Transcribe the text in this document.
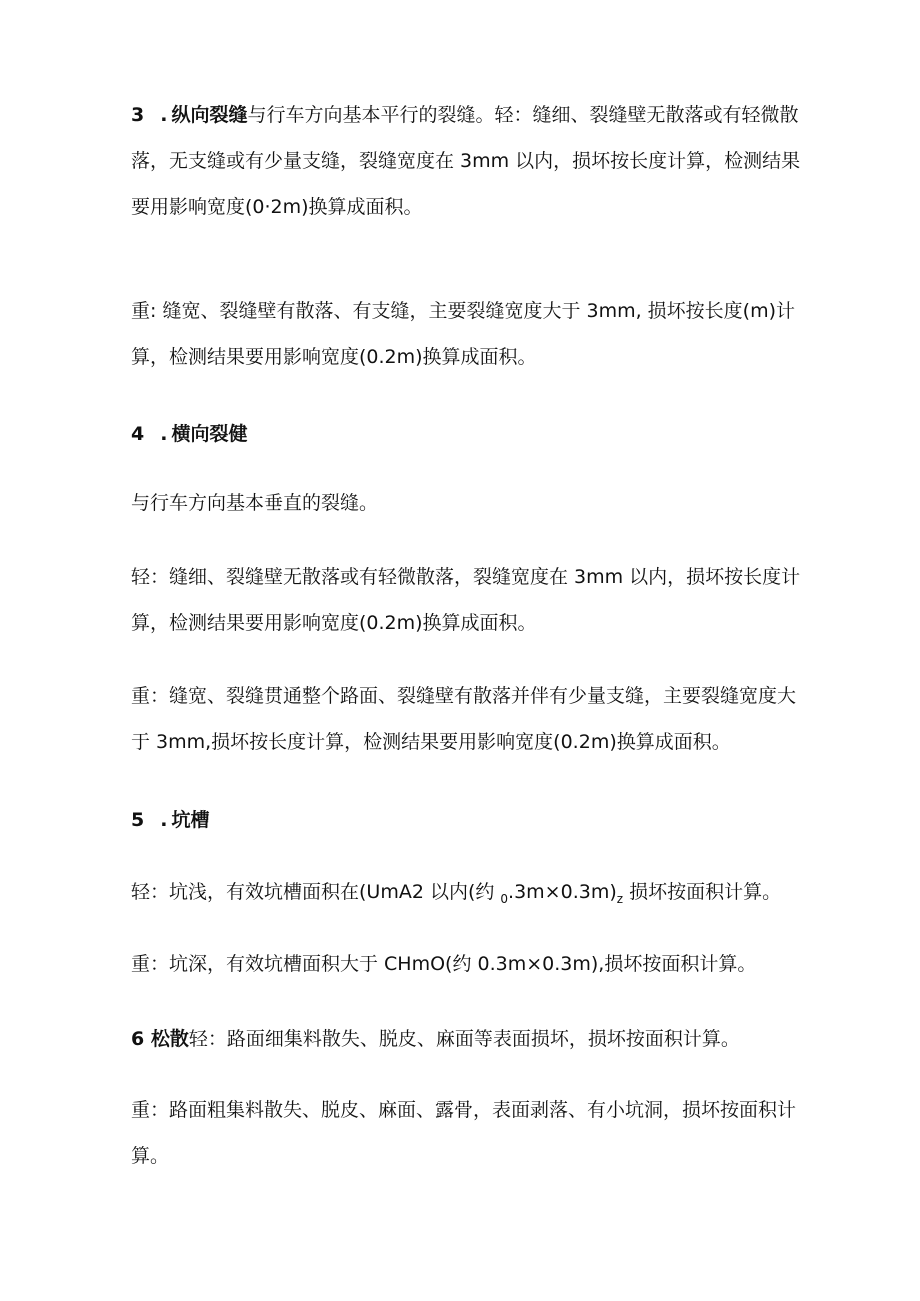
3 . 纵向裂缝与行车方向基本平行的裂缝。轻：缝细、裂缝壁无散落或有轻微散落，无支缝或有少量支缝，裂缝宽度在 3mm 以内，损坏按长度计算，检测结果要用影响宽度(0·2m)换算成面积。

重: 缝宽、裂缝壁有散落、有支缝，主要裂缝宽度大于 3mm, 损坏按长度(m)计算，检测结果要用影响宽度(0.2m)换算成面积。

4 . 横向裂健

与行车方向基本垂直的裂缝。

轻：缝细、裂缝壁无散落或有轻微散落，裂缝宽度在 3mm 以内，损坏按长度计算，检测结果要用影响宽度(0.2m)换算成面积。

重：缝宽、裂缝贯通整个路面、裂缝壁有散落并伴有少量支缝，主要裂缝宽度大于 3mm,损坏按长度计算，检测结果要用影响宽度(0.2m)换算成面积。

5 . 坑槽

轻：坑浅，有效坑槽面积在(UmA2 以内(约 $_0.3m\times 0.3m)_z$ 损坏按面积计算。

重：坑深，有效坑槽面积大于 CHmO(约 0.3m×0.3m),损坏按面积计算。

6 松散轻：路面细集料散失、脱皮、麻面等表面损坏，损坏按面积计算。

重：路面粗集料散失、脱皮、麻面、露骨，表面剥落、有小坑洞，损坏按面积计算。
